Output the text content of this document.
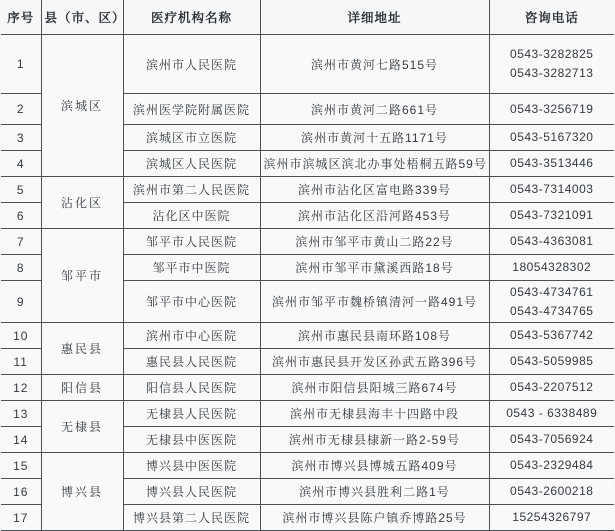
序号	县（市、区）	医疗机构名称	详细地址	咨询电话
1	滨城区	滨州市人民医院	滨州市黄河七路515号	0543-3282825
0543-3282713

2		滨州医学院附属医院	滨州市黄河二路661号	0543-3256719

3		滨城区市立医院	滨州市黄河十五路1171号	0543-5167320

4		滨城区人民医院	滨州市滨城区滨北办事处梧桐五路59号	0543-3513446

5	沾化区	滨州市第二人民医院	滨州市沾化区富电路339号	0543-7314003

6		沾化区中医院	滨州市沾化区沿河路453号	0543-7321091

7	邹平市	邹平市人民医院	滨州市邹平市黄山二路22号	0543-4363081

8		邹平市中医院	滨州市邹平市黛溪西路18号	18054328302

9		邹平市中心医院	滨州市邹平市魏桥镇清河一路491号	0543-4734761
0543-4734765

10	惠民县	滨州市中心医院	滨州市惠民县南环路108号	0543-5367742

11		惠民县人民医院	滨州市惠民县开发区孙武五路396号	0543-5059985

12	阳信县	阳信县人民医院	滨州市阳信县阳城三路674号	0543-2207512

13	无棣县	无棣县人民医院	滨州市无棣县海丰十四路中段	0543 - 6338489

14		无棣县中医医院	滨州市无棣县棣新一路2-59号	0543-7056924

15	博兴县	博兴县中医医院	滨州市博兴县博城五路409号	0543-2329484

16		博兴县人民医院	滨州市博兴县胜利二路1号	0543-2600218

17		博兴县第二人民医院	滨州市博兴县陈户镇乔博路25号	15254326797
